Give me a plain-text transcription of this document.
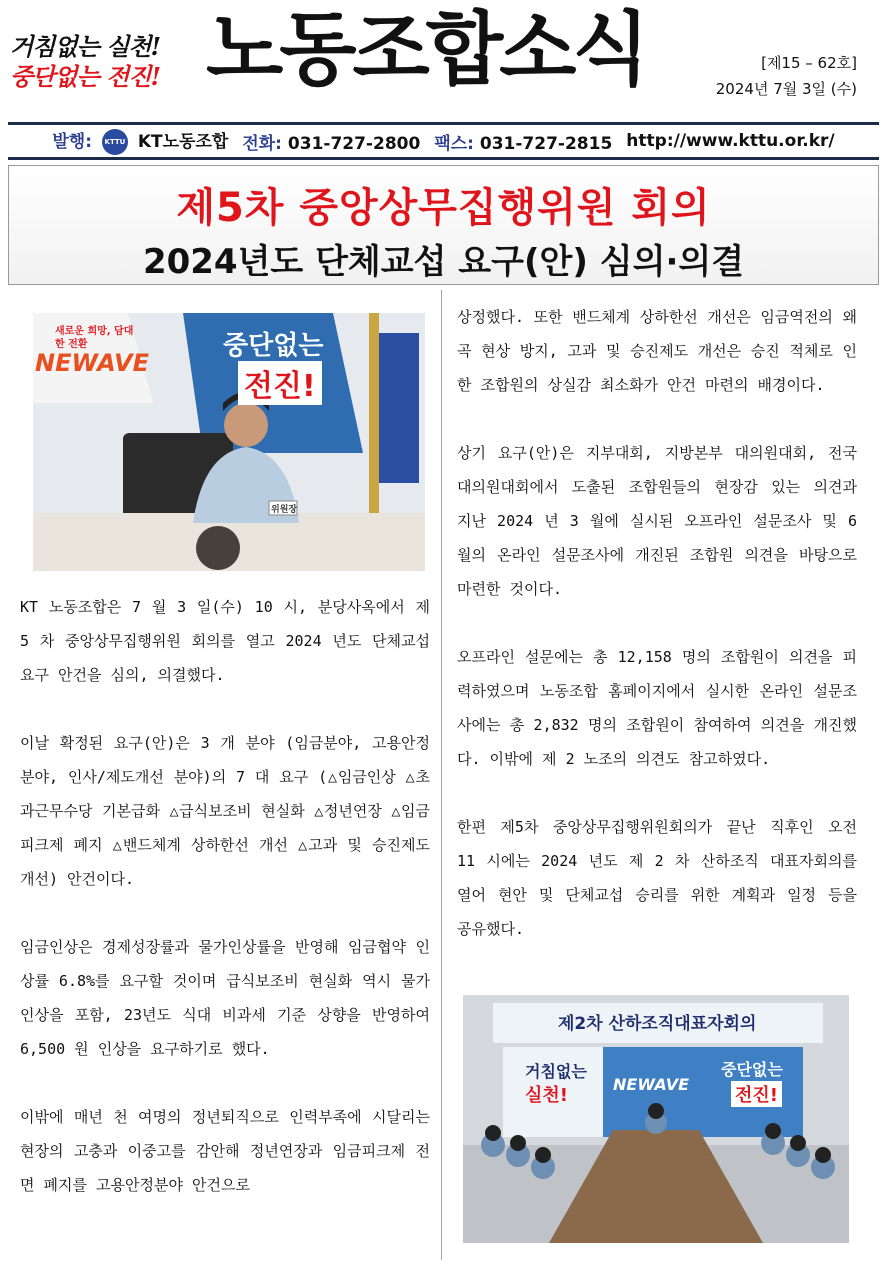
거침없는 실천!
중단없는 전진! 노동조합소식	[제15 – 62호]
2024년 7월 3일 (수)
발행: KTTU KT노동조합 전화: 031-727-2800 팩스: 031-727-2815 http://www.kttu.or.kr/
제5차 중앙상무집행위원 회의
2024년도 단체교섭 요구(안) 심의·의결
새로운 희망, 담대한 전환
NEWAVE
중단없는
전진!
위원장

KT 노동조합은 7 월 3 일(수) 10 시, 분당사옥에서 제 5 차 중앙상무집행위원 회의를 열고 2024 년도 단체교섭 요구 안건을 심의, 의결했다.

이날 확정된 요구(안)은 3 개 분야 (임금분야, 고용안정 분야, 인사/제도개선 분야)의 7 대 요구 (△임금인상 △초과근무수당 기본급화 △급식보조비 현실화 △정년연장 △임금피크제 폐지 △밴드체계 상하한선 개선 △고과 및 승진제도 개선) 안건이다.

임금인상은 경제성장률과 물가인상률을 반영해 임금협약 인상률 6.8%를 요구할 것이며 급식보조비 현실화 역시 물가인상을 포함, 23년도 식대 비과세 기준 상향을 반영하여 6,500 원 인상을 요구하기로 했다.

이밖에 매년 천 여명의 정년퇴직으로 인력부족에 시달리는 현장의 고충과 이중고를 감안해 정년연장과 임금피크제 전면 폐지를 고용안정분야 안건으로

상정했다. 또한 밴드체계 상하한선 개선은 임금역전의 왜곡 현상 방지, 고과 및 승진제도 개선은 승진 적체로 인한 조합원의 상실감 최소화가 안건 마련의 배경이다.

상기 요구(안)은 지부대회, 지방본부 대의원대회, 전국대의원대회에서 도출된 조합원들의 현장감 있는 의견과 지난 2024 년 3 월에 실시된 오프라인 설문조사 및 6 월의 온라인 설문조사에 개진된 조합원 의견을 바탕으로 마련한 것이다.

오프라인 설문에는 총 12,158 명의 조합원이 의견을 피력하였으며 노동조합 홈페이지에서 실시한 온라인 설문조사에는 총 2,832 명의 조합원이 참여하여 의견을 개진했다. 이밖에 제 2 노조의 의견도 참고하였다.

한편 제5차 중앙상무집행위원회의가 끝난 직후인 오전 11 시에는 2024 년도 제 2 차 산하조직 대표자회의를 열어 현안 및 단체교섭 승리를 위한 계획과 일정 등을 공유했다.

제2차 산하조직대표자회의
거침없는
실천!
NEWAVE
중단없는
전진!
